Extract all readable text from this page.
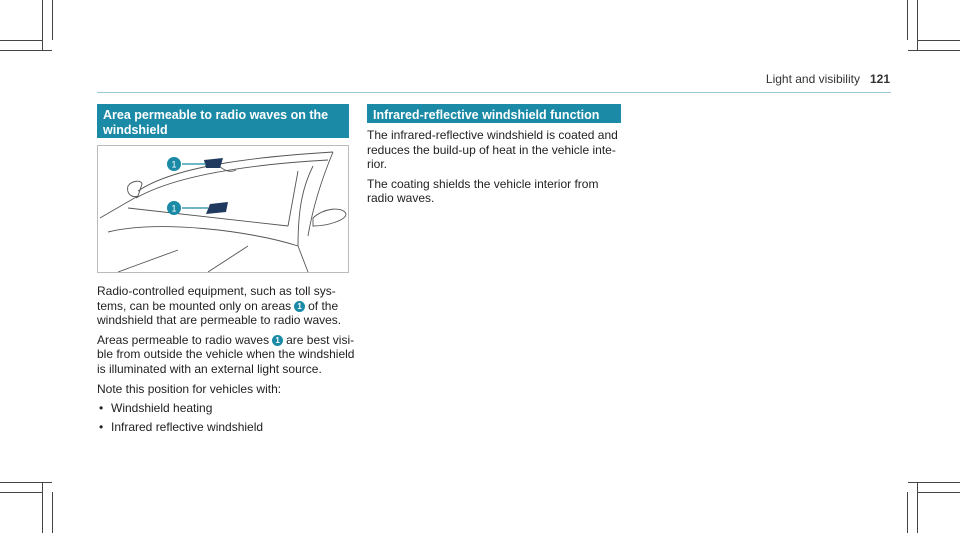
Light and visibility 121
Area permeable to radio waves on the windshield
1
1

Radio-controlled equipment, such as toll sys-tems, can be mounted only on areas 1 of the windshield that are permeable to radio waves.

Areas permeable to radio waves 1 are best visi-ble from outside the vehicle when the windshield is illuminated with an external light source.

Note this position for vehicles with:

• Windshield heating
• Infrared reflective windshield
Infrared-reflective windshield function

The infrared-reflective windshield is coated and reduces the build-up of heat in the vehicle inte-rior.

The coating shields the vehicle interior from radio waves.
